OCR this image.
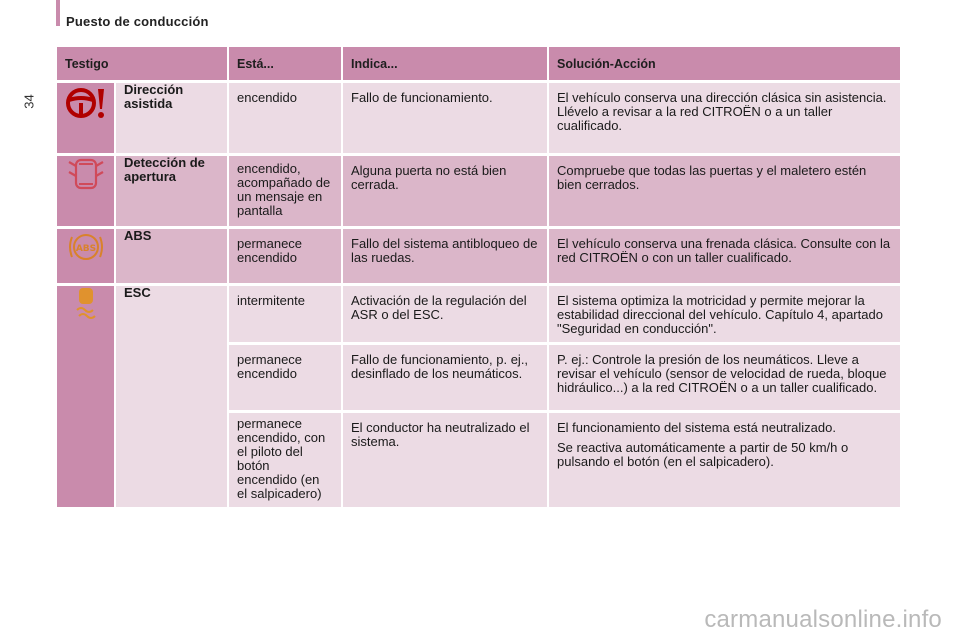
34
Puesto de conducción
Testigo		Está...	Indica...	Solución-Acción
	Dirección asistida	encendido	Fallo de funcionamiento.	El vehículo conserva una dirección clásica sin asistencia. Llévelo a revisar a la red CITROËN o a un taller cualificado.
	Detección de apertura	encendido, acompañado de un mensaje en pantalla	Alguna puerta no está bien cerrada.	Compruebe que todas las puertas y el maletero estén bien cerrados.

ABS	ABS	permanece encendido	Fallo del sistema antibloqueo de las ruedas.	El vehículo conserva una frenada clásica. Consulte con la red CITROËN o con un taller cualificado.
	ESC	intermitente	Activación de la regulación del ASR o del ESC.	El sistema optimiza la motricidad y permite mejorar la estabilidad direccional del vehículo. Capítulo 4, apartado "Seguridad en conducción".
		permanece encendido	Fallo de funcionamiento, p. ej., desinflado de los neumáticos.	P. ej.: Controle la presión de los neumáticos. Lleve a revisar el vehículo (sensor de velocidad de rueda, bloque hidráulico...) a la red CITROËN o a un taller cualificado.
		permanece encendido, con el piloto del botón encendido (en el salpicadero)	El conductor ha neutralizado el sistema.	El funcionamiento del sistema está neutralizado.
Se reactiva automáticamente a partir de 50 km/h o pulsando el botón (en el salpicadero).
carmanualsonline.info
